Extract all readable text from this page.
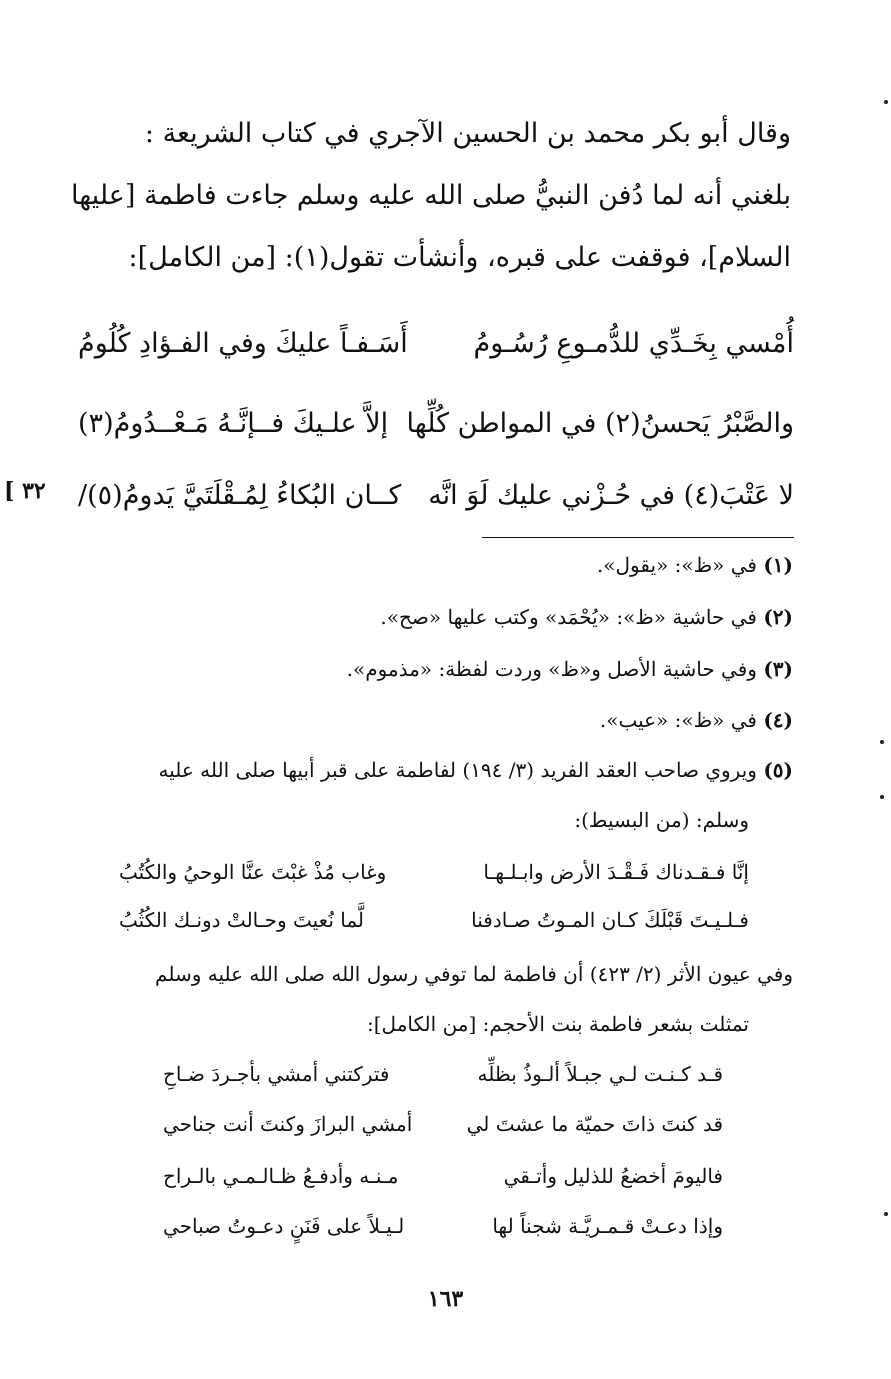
وقال أبو بكر محمد بن الحسين الآجري في كتاب الشريعة :
بلغني أنه لما دُفن النبيُّ صلى الله عليه وسلم جاءت فاطمة [عليها
السلام]، فوقفت على قبره، وأنشأت تقول(١): [من الكامل]:
أُمْسي بِخَـدِّي للدُّمـوعِ رُسُـومُ
أَسَـفـاً عليكَ وفي الفـؤادِ كُلُومُ
والصَّبْرُ يَحسنُ(٢) في المواطن كُلِّها
إلاَّ علـيكَ فــإنَّـهُ مَـعْــدُومُ(٣)
لا عَتْبَ(٤) في حُـزْني عليك لَوَ انَّه
كــان البُكاءُ لِمُـقْلَتَيَّ يَدومُ(٥)/
[ ٣٢
(١) في «ظ»: «يقول».
(٢) في حاشية «ظ»: «يُحْمَد» وكتب عليها «صح».
(٣) وفي حاشية الأصل و«ظ» وردت لفظة: «مذموم».
(٤) في «ظ»: «عيب».
(٥) ويروي صاحب العقد الفريد (٣/ ١٩٤) لفاطمة على قبر أبيها صلى الله عليه
وسلم: (من البسيط):
إنَّا فـقـدناك فَـقْـدَ الأرض وابـلـهـا
وغاب مُذْ غبْتَ عنَّا الوحيُ والكُتُبُ
فـلـيـتَ قَبْلَكَ كـان المـوتُ صـادفنا
لَّما نُعيتَ وحـالتْ دونـك الكُثُبُ
وفي عيون الأثر (٢/ ٤٢٣) أن فاطمة لما توفي رسول الله صلى الله عليه وسلم
تمثلت بشعر فاطمة بنت الأحجم: [من الكامل]:
قـد كـنـت لـي جبـلاً ألـوذُ بظلِّه
فتركتني أمشي بأجـردَ ضـاحِ
قد كنتَ ذاتَ حميّة ما عشتَ لي
أمشي البرازَ وكنتَ أنت جناحي
فاليومَ أخضعُ للذليل وأتـقي
مـنـه وأدفـعُ ظـالـمـي بالـراح
وإذا دعـتْ قـمـريَّـة شجناً لها
لـيـلاً على فَنَنٍ دعـوتُ صباحي
١٦٣
